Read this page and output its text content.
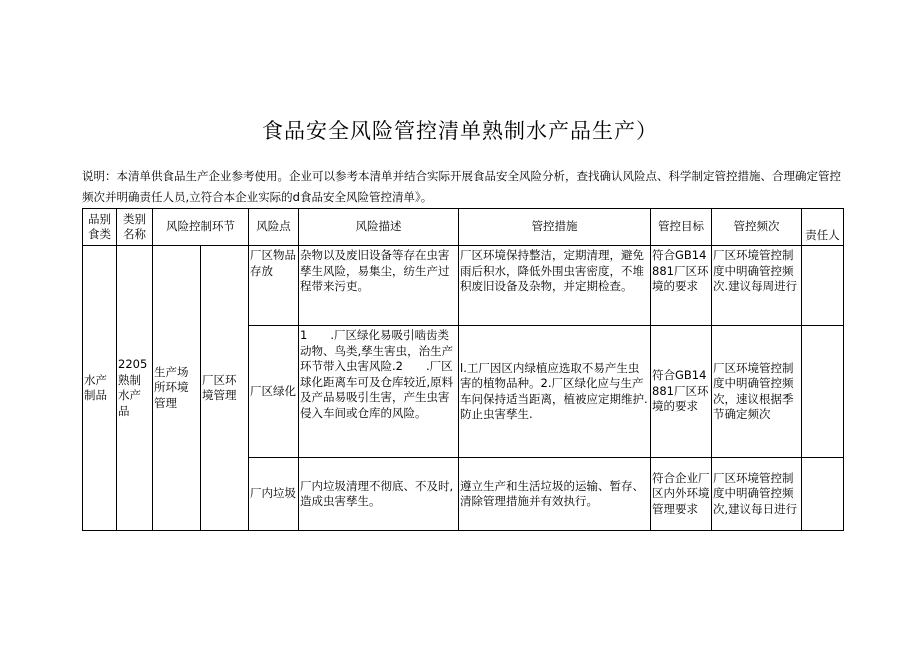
食品安全风险管控清单熟制水产品生产）
说明：本清单供食品生产企业参考使用。企业可以参考本清单并结合实际开展食品安全风险分析，查找确认风险点、科学制定管控措施、合理确定管控频次并明确责任人员,立符合本企业实际的d食品安全风险管控清单》。
品别食类	类别名称	风险控制环节		风险点	风险描述	管控措施	管控目标	管控频次	责任人
水产制品	2205熟制水产品	生产场所环境管理	厂区环境管理	厂区物品存放	杂物以及废旧设备等存在虫害孳生风险，易集尘，纺生产过程带来污吏。	厂区环境保持整洁，定期清理，避免雨后积水，降低外围虫害密度，不堆积废旧设备及杂物，并定期检查。	符合GB14881厂区环境的要求	厂区环境管控制度中明确管控频次.建议每周进行	
				厂区绿化	1　　.厂区绿化易吸引啮齿类动物、鸟类,孳生害虫，治生产环节带入虫害风险.2　　.厂区球化距离车可及仓库较近,原料及产品易吸引生害，产生虫害侵入车间或仓库的风险。	l.工厂因区内绿植应选取不易产生虫害的植物品种。2.厂区绿化应与生产车问保持适当距离，植被应定期维护.防止虫害孳生.	符合GB14881厂区环境的要求	厂区环境管控制度中明确管控频次，速议根据季节确定频次	
				厂内垃圾	厂内垃圾清理不彻底、不及时,造成虫害孳生。	遵立生产和生活垃圾的运输、暂存、清除管理措施并有效执行。	符合企业厂区内外环境管理要求	厂区环境管控制度中明确管控频次,建议每日进行	
